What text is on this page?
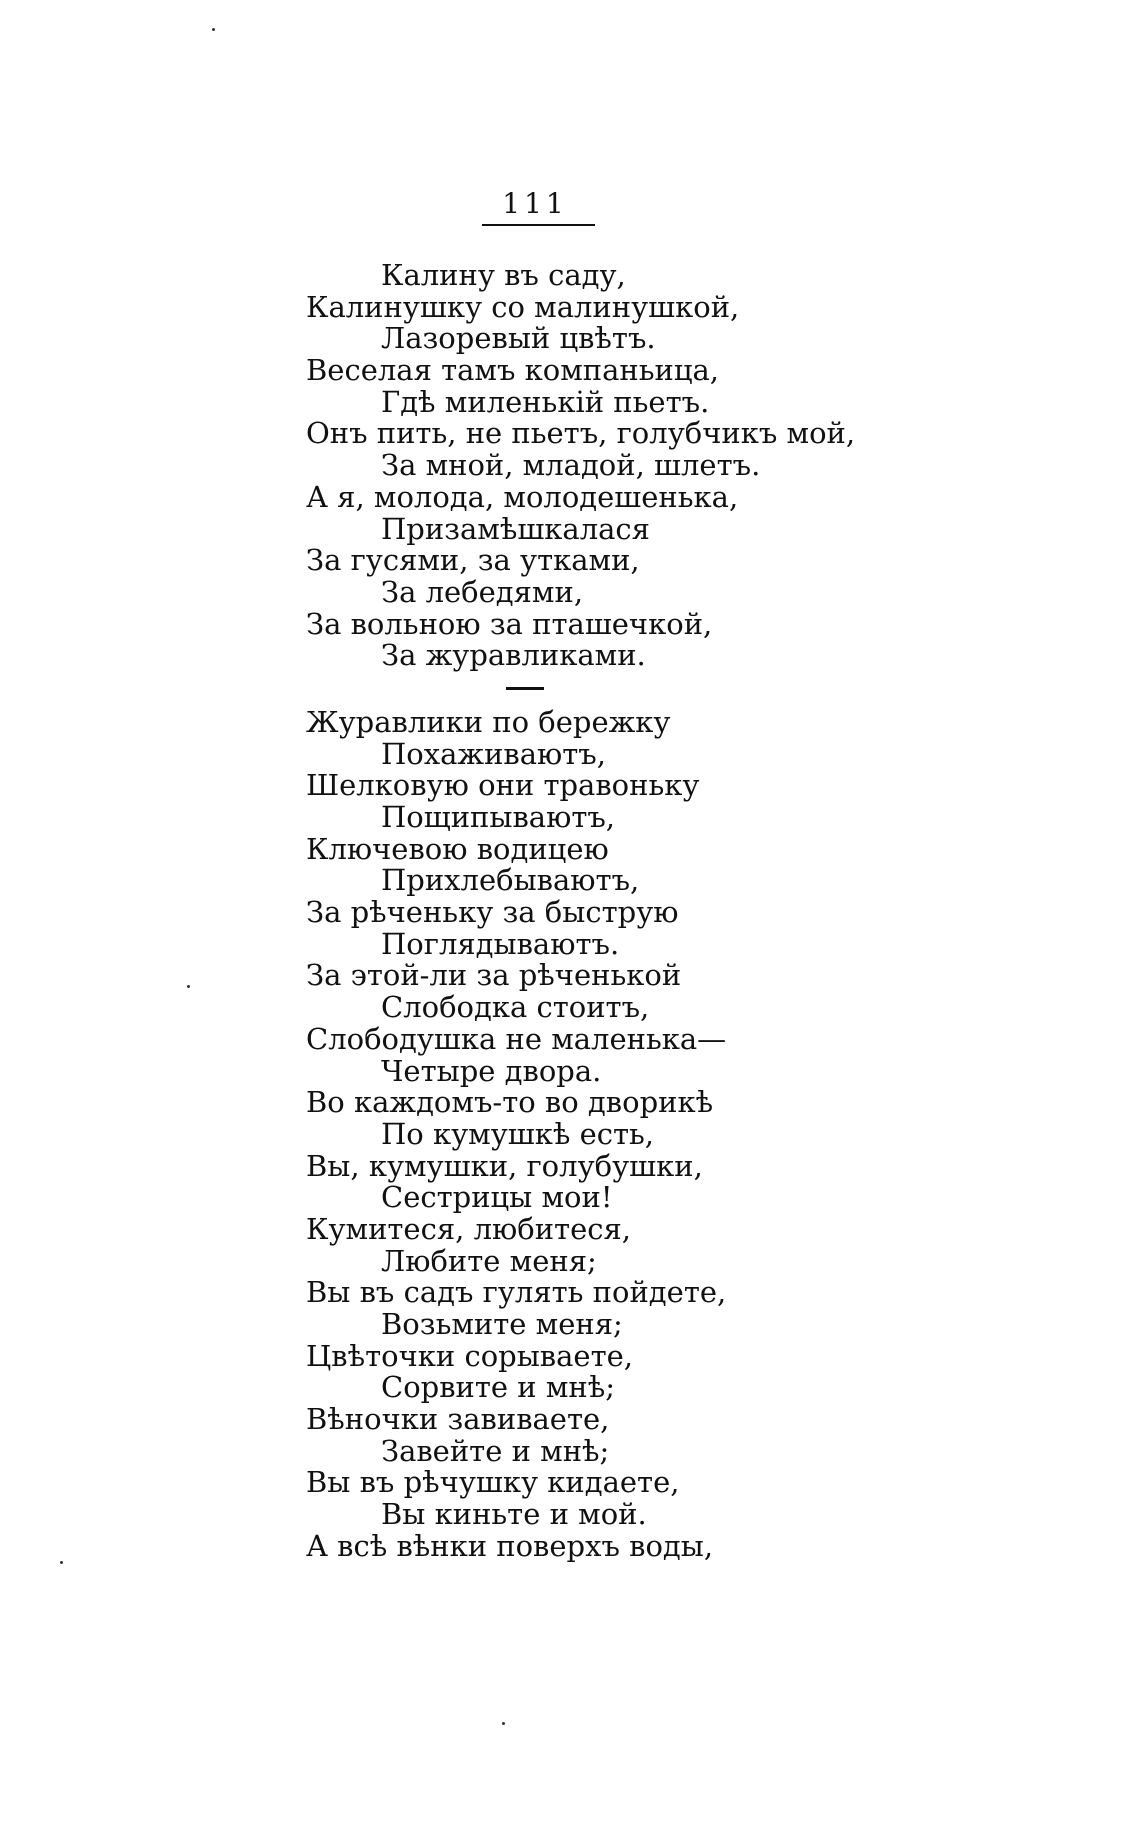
111
Калину въ саду,
Калинушку со малинушкой,
Лазоревый цвѣтъ.
Веселая тамъ компаньица,
Гдѣ миленькій пьетъ.
Онъ пить, не пьетъ, голубчикъ мой,
За мной, младой, шлетъ.
А я, молода, молодешенька,
Призамѣшкалася
За гусями, за утками,
За лебедями,
За вольною за пташечкой,
За журавликами.
Журавлики по бережку
Похаживаютъ,
Шелковую они травоньку
Пощипываютъ,
Ключевою водицею
Прихлебываютъ,
За рѣченьку за быструю
Поглядываютъ.
За этой-ли за рѣченькой
Слободка стоитъ,
Слободушка не маленька—
Четыре двора.
Во каждомъ-то во дворикѣ
По кумушкѣ есть,
Вы, кумушки, голубушки,
Сестрицы мои!
Кумитеся, любитеся,
Любите меня;
Вы въ садъ гулять пойдете,
Возьмите меня;
Цвѣточки сорываете,
Сорвите и мнѣ;
Вѣночки завиваете,
Завейте и мнѣ;
Вы въ рѣчушку кидаете,
Вы киньте и мой.
А всѣ вѣнки поверхъ воды,
